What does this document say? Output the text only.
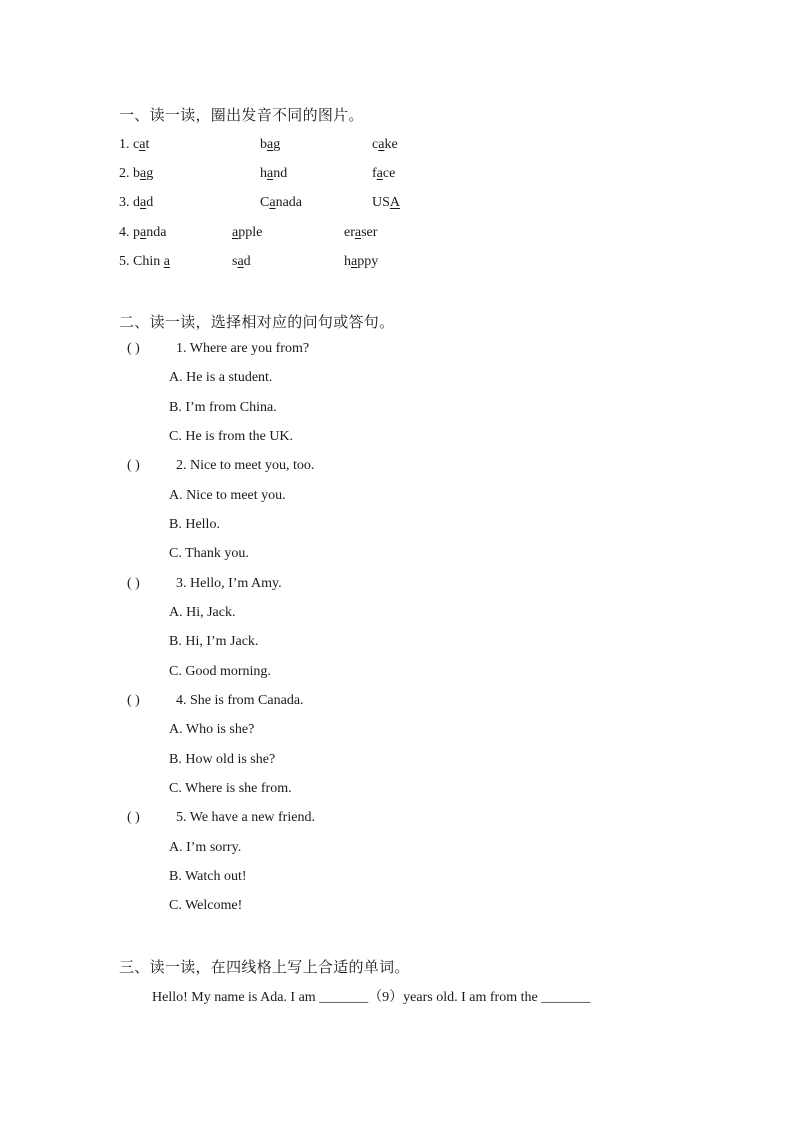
一、读一读，圈出发音不同的图片。
1. cat	bag	cake
2. bag	hand	face
3. dad	Canada	USA
4. panda	apple	eraser
5. Chin a	sad	happy
二、读一读，选择相对应的问句或答句。
( )	1. Where are you from?
A. He is a student.
B. I’m from China.
C. He is from the UK.
( )	2. Nice to meet you, too.
A. Nice to meet you.
B. Hello.
C. Thank you.
( )	3. Hello, I’m Amy.
A. Hi, Jack.
B. Hi, I’m Jack.
C. Good morning.
( )	4. She is from Canada.
A. Who is she?
B. How old is she?
C. Where is she from.
( )	5. We have a new friend.
A. I’m sorry.
B. Watch out!
C. Welcome!
三、读一读，在四线格上写上合适的单词。
Hello! My name is Ada. I am _______（9）years old. I am from the _______
